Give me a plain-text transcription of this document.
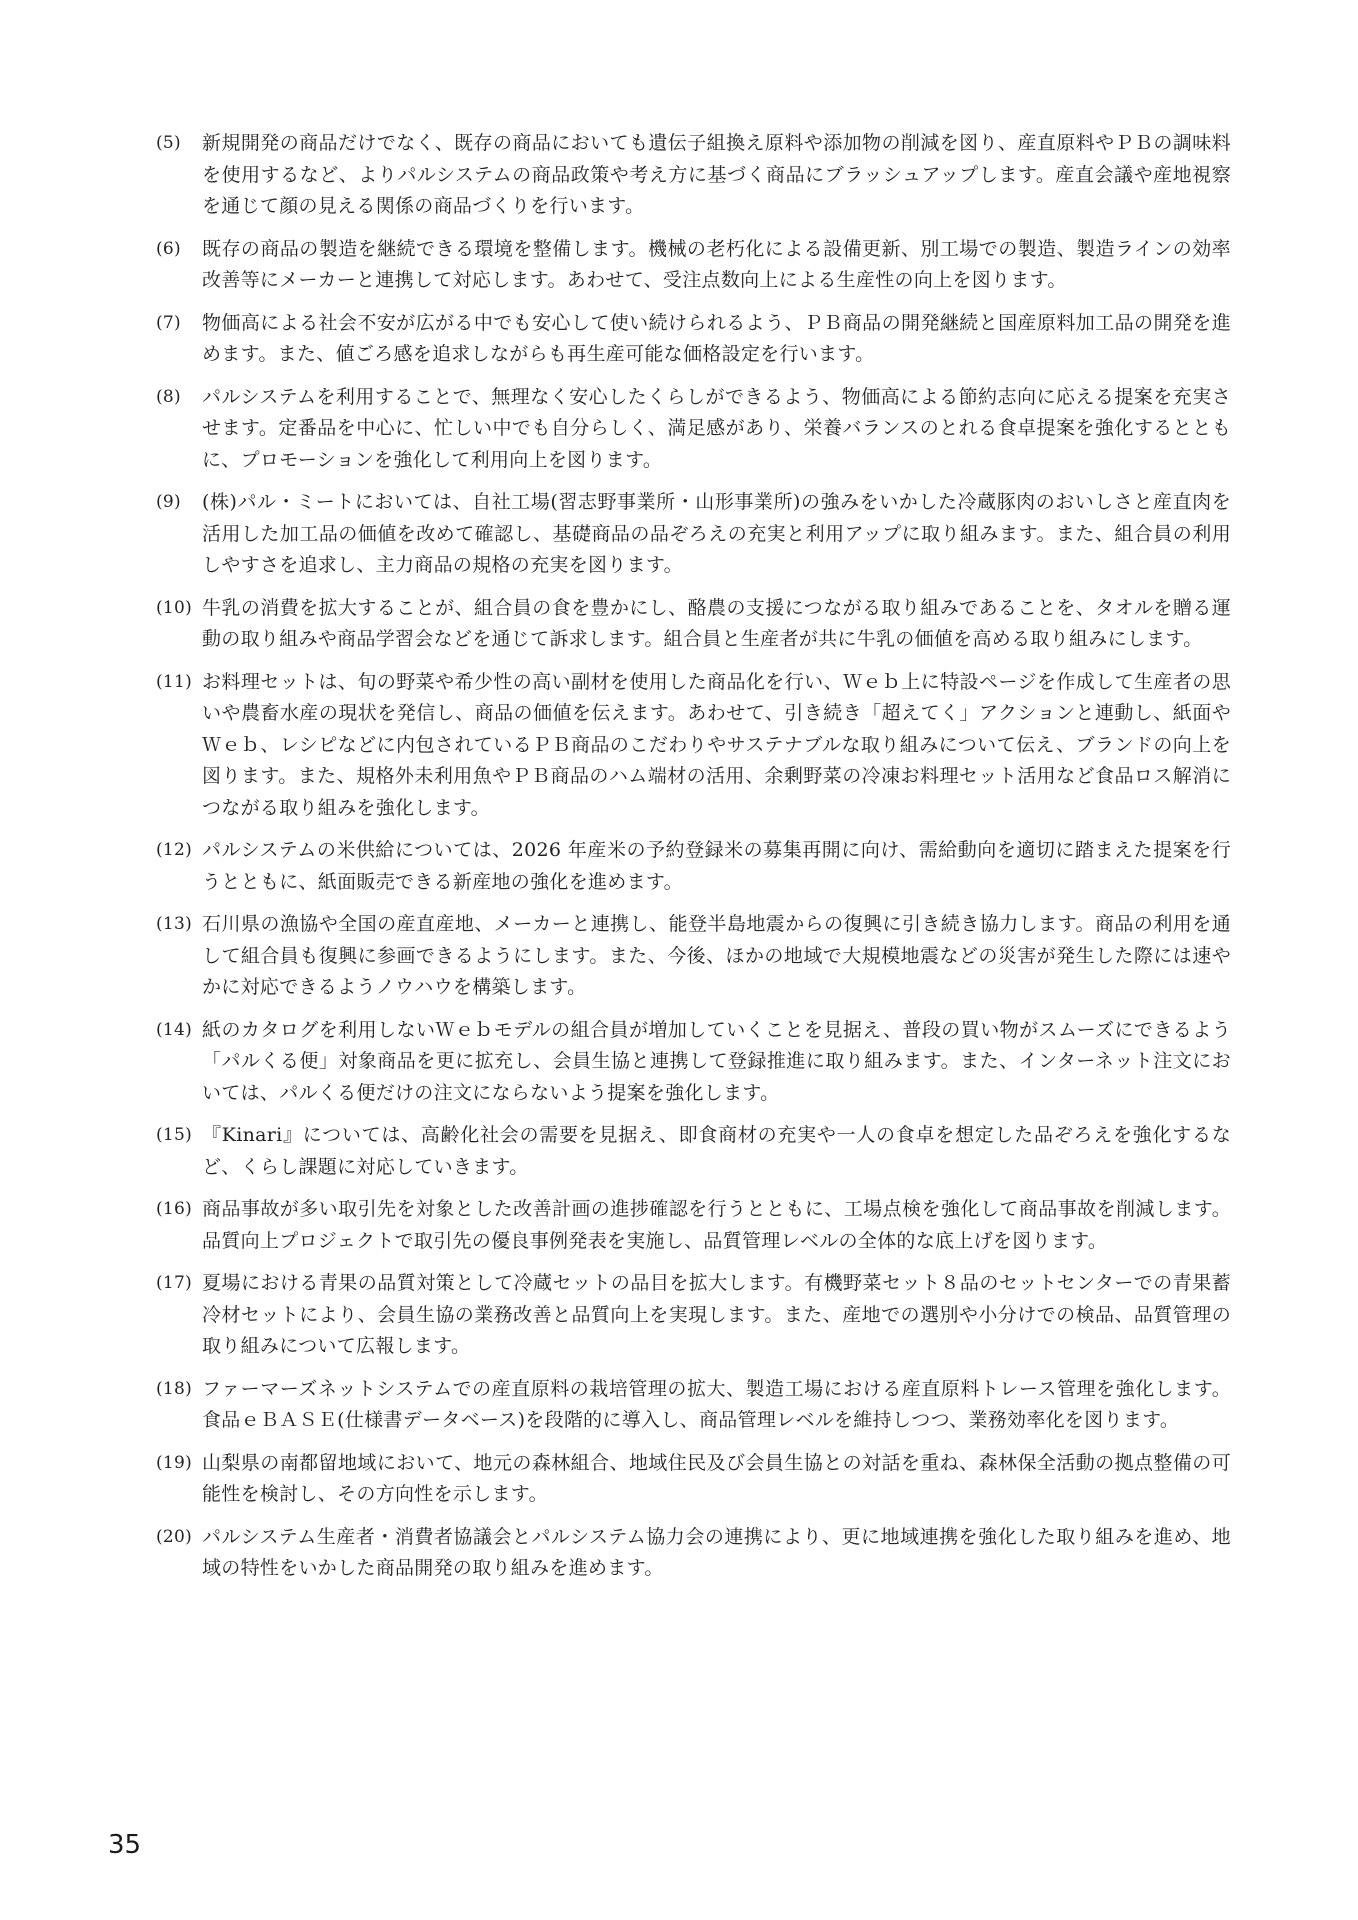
(5)	新規開発の商品だけでなく、既存の商品においても遺伝子組換え原料や添加物の削減を図り、産直原料やＰＢの調味料を使用するなど、よりパルシステムの商品政策や考え方に基づく商品にブラッシュアップします。産直会議や産地視察を通じて顔の見える関係の商品づくりを行います。
(6)	既存の商品の製造を継続できる環境を整備します。機械の老朽化による設備更新、別工場での製造、製造ラインの効率改善等にメーカーと連携して対応します。あわせて、受注点数向上による生産性の向上を図ります。
(7)	物価高による社会不安が広がる中でも安心して使い続けられるよう、ＰＢ商品の開発継続と国産原料加工品の開発を進めます。また、値ごろ感を追求しながらも再生産可能な価格設定を行います。
(8)	パルシステムを利用することで、無理なく安心したくらしができるよう、物価高による節約志向に応える提案を充実させます。定番品を中心に、忙しい中でも自分らしく、満足感があり、栄養バランスのとれる食卓提案を強化するとともに、プロモーションを強化して利用向上を図ります。
(9)	(株)パル・ミートにおいては、自社工場(習志野事業所・山形事業所)の強みをいかした冷蔵豚肉のおいしさと産直肉を活用した加工品の価値を改めて確認し、基礎商品の品ぞろえの充実と利用アップに取り組みます。また、組合員の利用しやすさを追求し、主力商品の規格の充実を図ります。
(10) 牛乳の消費を拡大することが、組合員の食を豊かにし、酪農の支援につながる取り組みであることを、タオルを贈る運動の取り組みや商品学習会などを通じて訴求します。組合員と生産者が共に牛乳の価値を高める取り組みにします。
(11) お料理セットは、旬の野菜や希少性の高い副材を使用した商品化を行い、Ｗｅｂ上に特設ページを作成して生産者の思いや農畜水産の現状を発信し、商品の価値を伝えます。あわせて、引き続き「超えてく」アクションと連動し、紙面やＷｅｂ、レシピなどに内包されているＰＢ商品のこだわりやサステナブルな取り組みについて伝え、ブランドの向上を図ります。また、規格外未利用魚やＰＢ商品のハム端材の活用、余剰野菜の冷凍お料理セット活用など食品ロス解消につながる取り組みを強化します。
(12) パルシステムの米供給については、2026 年産米の予約登録米の募集再開に向け、需給動向を適切に踏まえた提案を行うとともに、紙面販売できる新産地の強化を進めます。
(13) 石川県の漁協や全国の産直産地、メーカーと連携し、能登半島地震からの復興に引き続き協力します。商品の利用を通して組合員も復興に参画できるようにします。また、今後、ほかの地域で大規模地震などの災害が発生した際には速やかに対応できるようノウハウを構築します。
(14) 紙のカタログを利用しないＷｅｂモデルの組合員が増加していくことを見据え、普段の買い物がスムーズにできるよう「パルくる便」対象商品を更に拡充し、会員生協と連携して登録推進に取り組みます。また、インターネット注文においては、パルくる便だけの注文にならないよう提案を強化します。
(15) 『Kinari』については、高齢化社会の需要を見据え、即食商材の充実や一人の食卓を想定した品ぞろえを強化するなど、くらし課題に対応していきます。
(16) 商品事故が多い取引先を対象とした改善計画の進捗確認を行うとともに、工場点検を強化して商品事故を削減します。品質向上プロジェクトで取引先の優良事例発表を実施し、品質管理レベルの全体的な底上げを図ります。
(17) 夏場における青果の品質対策として冷蔵セットの品目を拡大します。有機野菜セット８品のセットセンターでの青果蓄冷材セットにより、会員生協の業務改善と品質向上を実現します。また、産地での選別や小分けでの検品、品質管理の取り組みについて広報します。
(18) ファーマーズネットシステムでの産直原料の栽培管理の拡大、製造工場における産直原料トレース管理を強化します。食品ｅＢＡＳＥ(仕様書データベース)を段階的に導入し、商品管理レベルを維持しつつ、業務効率化を図ります。
(19) 山梨県の南都留地域において、地元の森林組合、地域住民及び会員生協との対話を重ね、森林保全活動の拠点整備の可能性を検討し、その方向性を示します。
(20) パルシステム生産者・消費者協議会とパルシステム協力会の連携により、更に地域連携を強化した取り組みを進め、地域の特性をいかした商品開発の取り組みを進めます。
35
